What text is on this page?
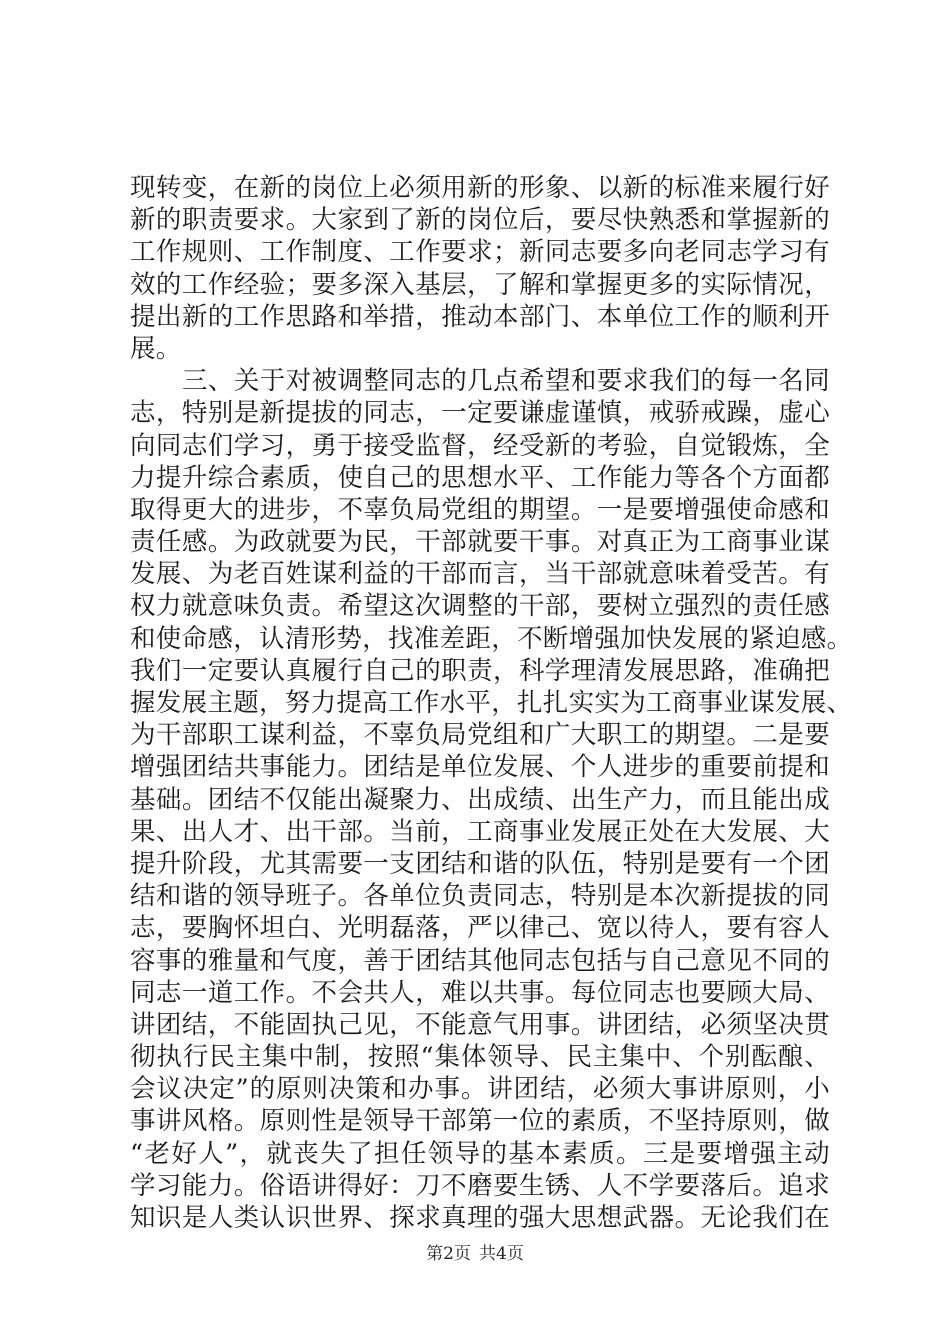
现转变，在新的岗位上必须用新的形象、以新的标准来履行好
新的职责要求。大家到了新的岗位后，要尽快熟悉和掌握新的
工作规则、工作制度、工作要求；新同志要多向老同志学习有
效的工作经验；要多深入基层，了解和掌握更多的实际情况，
提出新的工作思路和举措，推动本部门、本单位工作的顺利开
展。
三、关于对被调整同志的几点希望和要求我们的每一名同
志，特别是新提拔的同志，一定要谦虚谨慎，戒骄戒躁，虚心
向同志们学习，勇于接受监督，经受新的考验，自觉锻炼，全
力提升综合素质，使自己的思想水平、工作能力等各个方面都
取得更大的进步，不辜负局党组的期望。一是要增强使命感和
责任感。为政就要为民，干部就要干事。对真正为工商事业谋
发展、为老百姓谋利益的干部而言，当干部就意味着受苦。有
权力就意味负责。希望这次调整的干部，要树立强烈的责任感
和使命感，认清形势，找准差距，不断增强加快发展的紧迫感。
我们一定要认真履行自己的职责，科学理清发展思路，准确把
握发展主题，努力提高工作水平，扎扎实实为工商事业谋发展、
为干部职工谋利益，不辜负局党组和广大职工的期望。二是要
增强团结共事能力。团结是单位发展、个人进步的重要前提和
基础。团结不仅能出凝聚力、出成绩、出生产力，而且能出成
果、出人才、出干部。当前，工商事业发展正处在大发展、大
提升阶段，尤其需要一支团结和谐的队伍，特别是要有一个团
结和谐的领导班子。各单位负责同志，特别是本次新提拔的同
志，要胸怀坦白、光明磊落，严以律己、宽以待人，要有容人
容事的雅量和气度，善于团结其他同志包括与自己意见不同的
同志一道工作。不会共人，难以共事。每位同志也要顾大局、
讲团结，不能固执己见，不能意气用事。讲团结，必须坚决贯
彻执行民主集中制，按照“集体领导、民主集中、个别酝酿、
会议决定”的原则决策和办事。讲团结，必须大事讲原则，小
事讲风格。原则性是领导干部第一位的素质，不坚持原则，做
“老好人”，就丧失了担任领导的基本素质。三是要增强主动
学习能力。俗语讲得好：刀不磨要生锈、人不学要落后。追求
知识是人类认识世界、探求真理的强大思想武器。无论我们在
第2页 共4页
